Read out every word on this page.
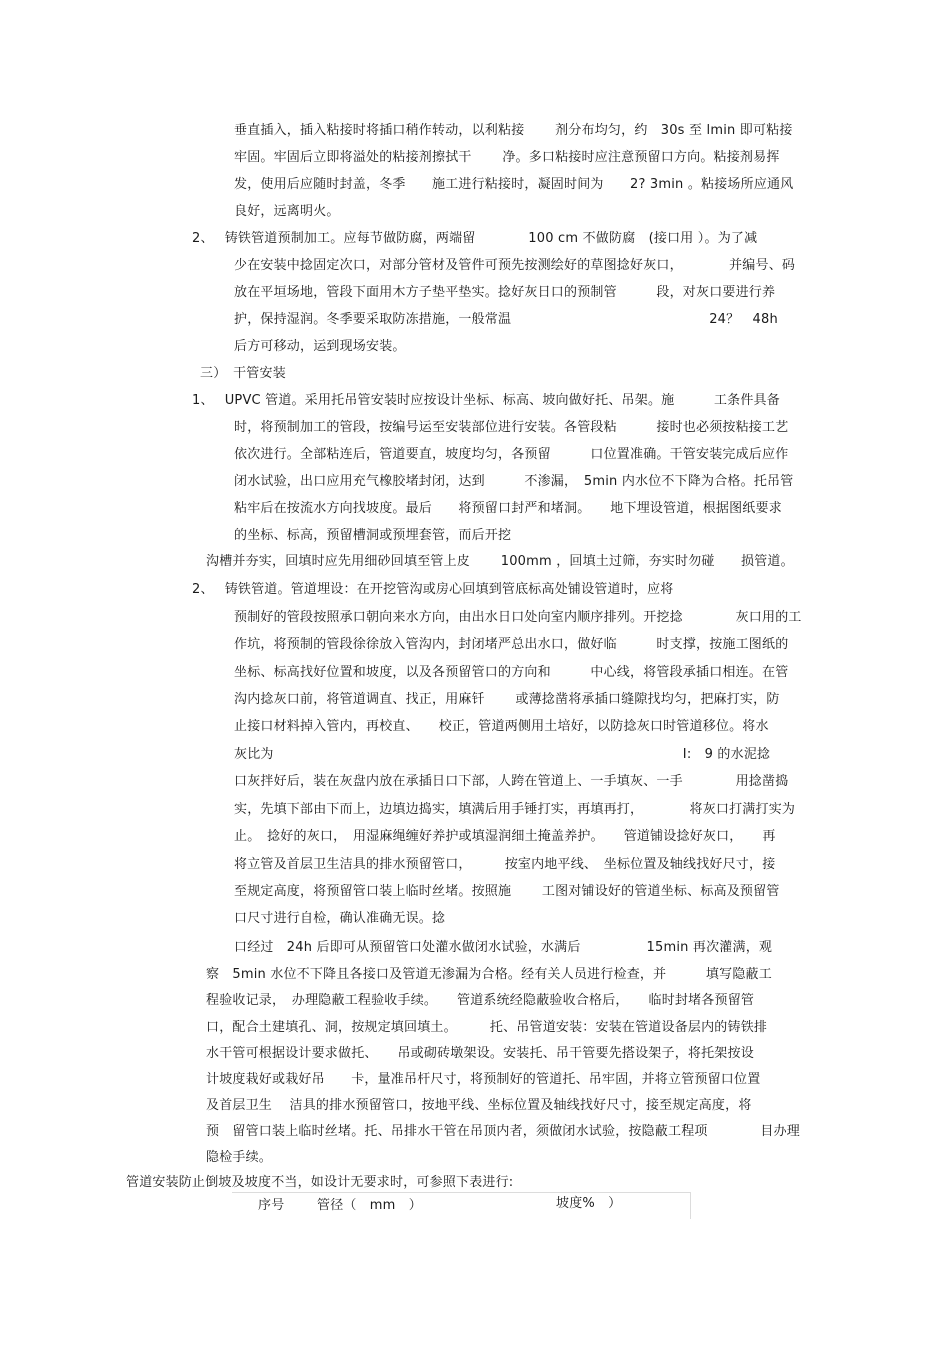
垂直插入，插入粘接时将插口稍作转动，以利粘接　　 剂分布均匀，约　30s 至 lmin 即可粘接
牢固。牢固后立即将溢处的粘接剂擦拭干　　 净。多口粘接时应注意预留口方向。粘接剂易挥
发，使用后应随时封盖，冬季　　施工进行粘接时，凝固时间为　　2? 3min 。粘接场所应通风
良好，远离明火。
2、　 铸铁管道预制加工。应每节做防腐，两端留　　　　100 cm 不做防腐　(接口用 ）。为了减
少在安装中捻固定次口，对部分管材及管件可预先按测绘好的草图捻好灰口，　　　　并编号、码
放在平垣场地，管段下面用木方子垫平垫实。捻好灰日口的预制管　　　段，对灰口要进行养
护，保持湿润。冬季要采取防冻措施，一般常温　　　　　　　　　　　　　　　24？　48h
后方可移动，运到现场安装。
三）　干管安装
1、　 UPVC 管道。采用托吊管安装时应按设计坐标、标高、坡向做好托、吊架。施　　　工条件具备
时，将预制加工的管段，按编号运至安装部位进行安装。各管段粘　　　接时也必须按粘接工艺
依次进行。全部粘连后，管道要直，坡度均匀，各预留　　　口位置准确。干管安装完成后应作
闭水试验，出口应用充气橡胶堵封闭，达到　　　不渗漏，　5min 内水位不下降为合格。托吊管
粘牢后在按流水方向找坡度。最后　　将预留口封严和堵洞。　　地下埋设管道，根据图纸要求
的坐标、标高，预留槽洞或预埋套管，而后开挖
沟槽并夯实，回填时应先用细砂回填至管上皮　　 100mm ，回填土过筛，夯实时勿碰　　损管道。
2、　 铸铁管道。管道埋设：在开挖管沟或房心回填到管底标高处铺设管道时，应将
预制好的管段按照承口朝向来水方向，由出水日口处向室内顺序排列。开挖捻　　　　灰口用的工
作坑，将预制的管段徐徐放入管沟内，封闭堵严总出水口，做好临　　　时支撑，按施工图纸的
坐标、标高找好位置和坡度，以及各预留管口的方向和　　　中心线，将管段承插口相连。在管
沟内捻灰口前，将管道调直、找正，用麻钎　　 或薄捻凿将承插口缝隙找均匀，把麻打实，防
止接口材料掉入管内，再校直、　　校正，管道两侧用土培好，以防捻灰口时管道移位。将水
灰比为　　　　　　　　　　　　　　　　　　　　　　　　　　　　　　　I:　9 的水泥捻
口灰拌好后，装在灰盘内放在承插日口下部，人跨在管道上、一手填灰、一手　　　　用捻凿捣
实，先填下部由下而上，边填边捣实，填满后用手锤打实，再填再打，　　　　将灰口打满打实为
止。　捻好的灰口，　用湿麻绳缠好养护或填湿润细土掩盖养护。　　管道铺设捻好灰口，　　再
将立管及首层卫生洁具的排水预留管口，　　　按室内地平线、　坐标位置及轴线找好尺寸，接
至规定高度，将预留管口装上临时丝堵。按照施　　 工图对铺设好的管道坐标、标高及预留管
口尺寸进行自检，确认准确无误。捻
口经过　24h 后即可从预留管口处灌水做闭水试验，水满后　　　　　15min 再次灌满，观
察　5min 水位不下降且各接口及管道无渗漏为合格。经有关人员进行检查，并　　　填写隐蔽工
程验收记录，　办理隐蔽工程验收手续。　　管道系统经隐蔽验收合格后，　　临时封堵各预留管
口，配合土建填孔、洞，按规定填回填土。　　　托、吊管道安装：安装在管道设备层内的铸铁排
水干管可根据设计要求做托、　　吊或砌砖墩架设。安装托、吊干管要先搭设架子，将托架按设
计坡度栽好或栽好吊　　卡，量准吊杆尺寸，将预制好的管道托、吊牢固，并将立管预留口位置
及首层卫生　 洁具的排水预留管口，按地平线、坐标位置及轴线找好尺寸，接至规定高度，将
预　留管口装上临时丝堵。托、吊排水干管在吊顶内者，须做闭水试验，按隐蔽工程项　　　　目办理
隐检手续。
管道安装防止倒坡及坡度不当，如设计无要求时，可参照下表进行:
序号	管径（　mm　）	坡度%　）
